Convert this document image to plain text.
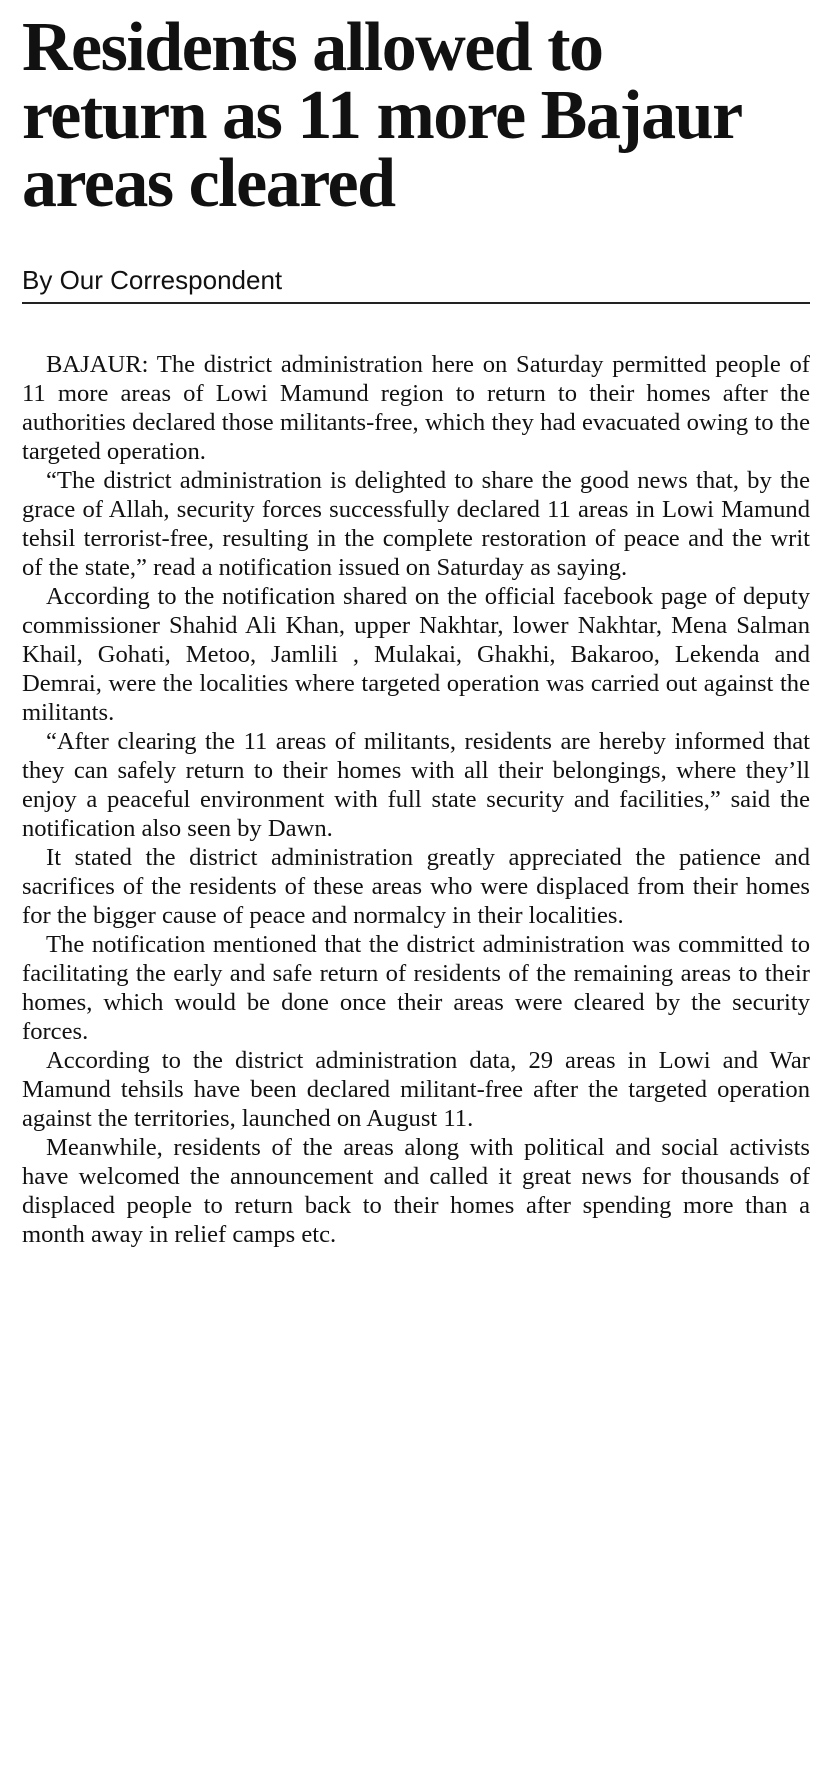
Residents allowed to return as 11 more Bajaur areas cleared
By Our Correspondent

BAJAUR: The district administration here on Saturday permitted people of 11 more areas of Lowi Mamund region to return to their homes after the authorities declared those militants-free, which they had evacuated owing to the targeted operation.

“The district administration is delighted to share the good news that, by the grace of Allah, security forces successfully declared 11 areas in Lowi Mamund tehsil terrorist-free, resulting in the complete restoration of peace and the writ of the state,” read a notification issued on Saturday as saying.

According to the notification shared on the official facebook page of deputy commissioner Shahid Ali Khan, upper Nakhtar, lower Nakhtar, Mena Salman Khail, Gohati, Metoo, Jamlili , Mulakai, Ghakhi, Bakaroo, Lekenda and Demrai, were the localities where targeted operation was carried out against the militants.

“After clearing the 11 areas of militants, residents are hereby informed that they can safely return to their homes with all their belongings, where they’ll enjoy a peaceful environment with full state security and facilities,” said the notification also seen by Dawn.

It stated the district administration greatly appreciated the patience and sacrifices of the residents of these areas who were displaced from their homes for the bigger cause of peace and normalcy in their localities.

The notification mentioned that the district administration was committed to facilitating the early and safe return of residents of the remaining areas to their homes, which would be done once their areas were cleared by the security forces.

According to the district administration data, 29 areas in Lowi and War Mamund tehsils have been declared militant-free after the targeted operation against the territories, launched on August 11.

Meanwhile, residents of the areas along with political and social activists have welcomed the announcement and called it great news for thousands of displaced people to return back to their homes after spending more than a month away in relief camps etc.
